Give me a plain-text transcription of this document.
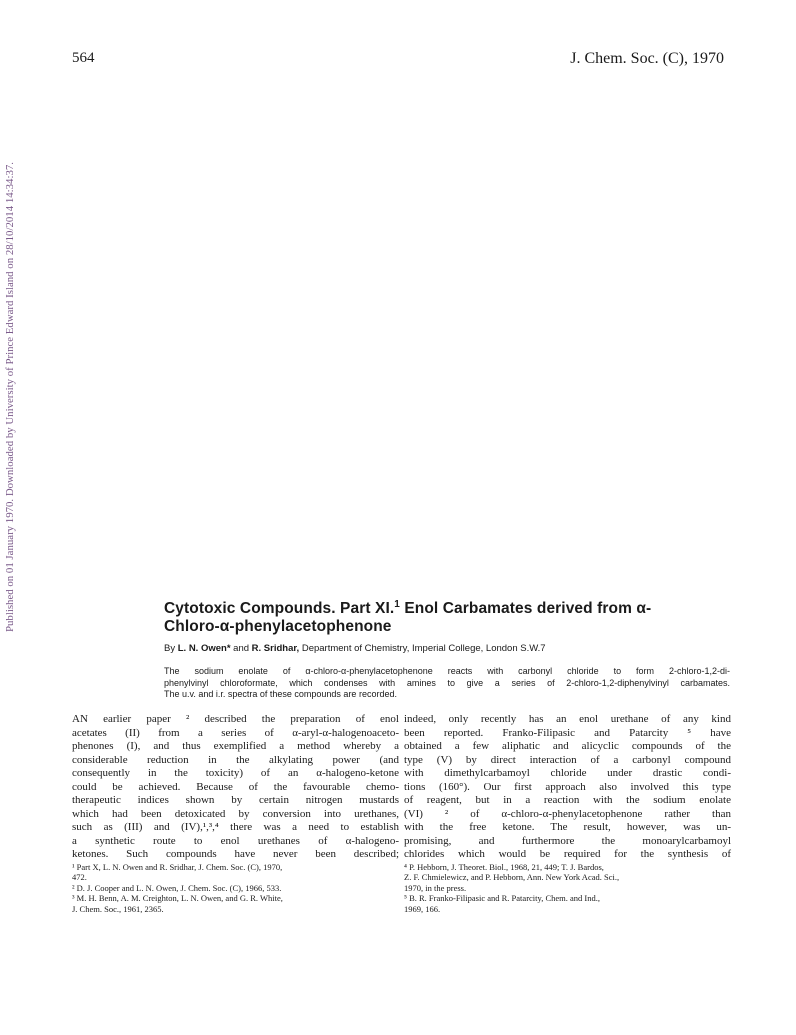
564	J. Chem. Soc. (C), 1970
Published on 01 January 1970. Downloaded by University of Prince Edward Island on 28/10/2014 14:34:37.	Cytotoxic Compounds. Part XI.$^1$ Enol Carbamates derived from α-
Chloro-α-phenylacetophenone
By L. N. Owen* and R. Sridhar, Department of Chemistry, Imperial College, London S.W.7
The sodium enolate of α-chloro-α-phenylacetophenone reacts with carbonyl chloride to form 2-chloro-1,2-di-
phenylvinyl chloroformate, which condenses with amines to give a series of 2-chloro-1,2-diphenylvinyl carbamates.
The u.v. and i.r. spectra of these compounds are recorded.

AN earlier paper ² described the preparation of enol
acetates (II) from a series of α-aryl-α-halogenoaceto-
phenones (I), and thus exemplified a method whereby a
considerable reduction in the alkylating power (and
consequently in the toxicity) of an α-halogeno-ketone
could be achieved. Because of the favourable chemo-
therapeutic indices shown by certain nitrogen mustards
which had been detoxicated by conversion into urethanes,
such as (III) and (IV),¹,³,⁴ there was a need to establish
a synthetic route to enol urethanes of α-halogeno-
ketones. Such compounds have never been described;

¹ Part X, L. N. Owen and R. Sridhar, J. Chem. Soc. (C), 1970,
472.
² D. J. Cooper and L. N. Owen, J. Chem. Soc. (C), 1966, 533.
³ M. H. Benn, A. M. Creighton, L. N. Owen, and G. R. White,
J. Chem. Soc., 1961, 2365.

indeed, only recently has an enol urethane of any kind
been reported. Franko-Filipasic and Patarcity ⁵ have
obtained a few aliphatic and alicyclic compounds of the
type (V) by direct interaction of a carbonyl compound
with dimethylcarbamoyl chloride under drastic condi-
tions (160°). Our first approach also involved this type
of reagent, but in a reaction with the sodium enolate
(VI) ² of α-chloro-α-phenylacetophenone rather than
with the free ketone. The result, however, was un-
promising, and furthermore the monoarylcarbamoyl
chlorides which would be required for the synthesis of

⁴ P. Hebborn, J. Theoret. Biol., 1968, 21, 449; T. J. Bardos,
Z. F. Chmielewicz, and P. Hebborn, Ann. New York Acad. Sci.,
1970, in the press.
⁵ B. R. Franko-Filipasic and R. Patarcity, Chem. and Ind.,
1969, 166.
